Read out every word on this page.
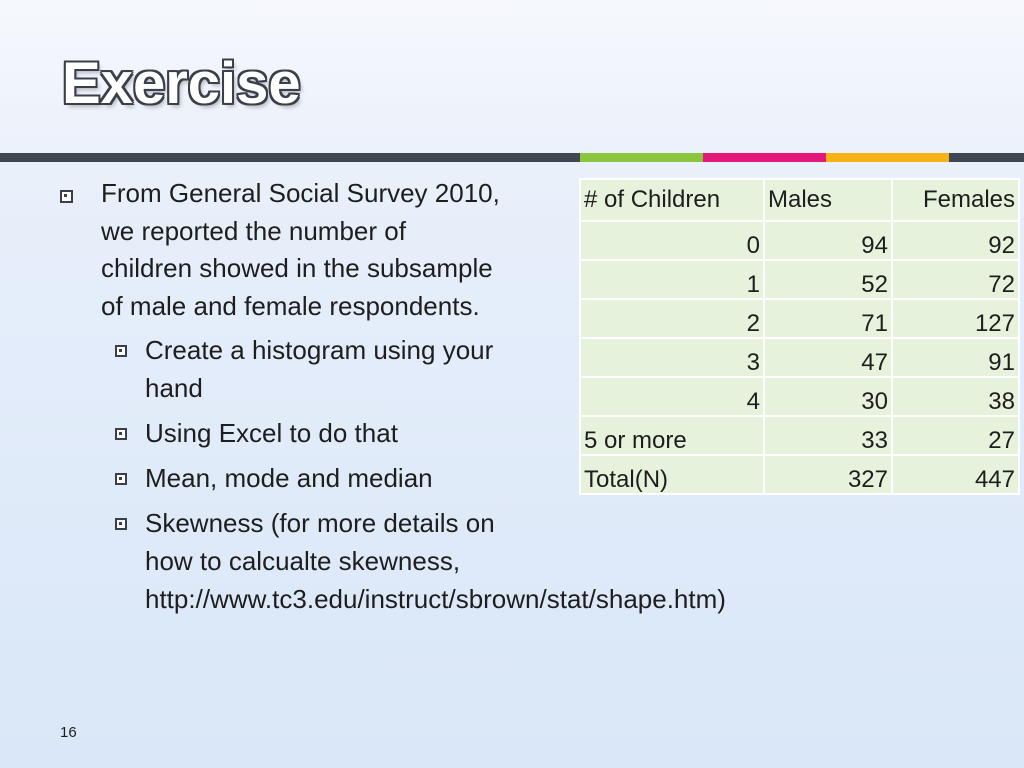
Exercise
From General Social Survey 2010, we reported the number of children showed in the subsample of male and female respondents.
Create a histogram using your hand
Using Excel to do that
Mean, mode and median
Skewness (for more details on how to calcualte skewness, http://www.tc3.edu/instruct/sbrown/stat/shape.htm)
# of Children	Males	Females
0	94	92
1	52	72
2	71	127
3	47	91
4	30	38
5 or more	33	27
Total(N)	327	447
16
